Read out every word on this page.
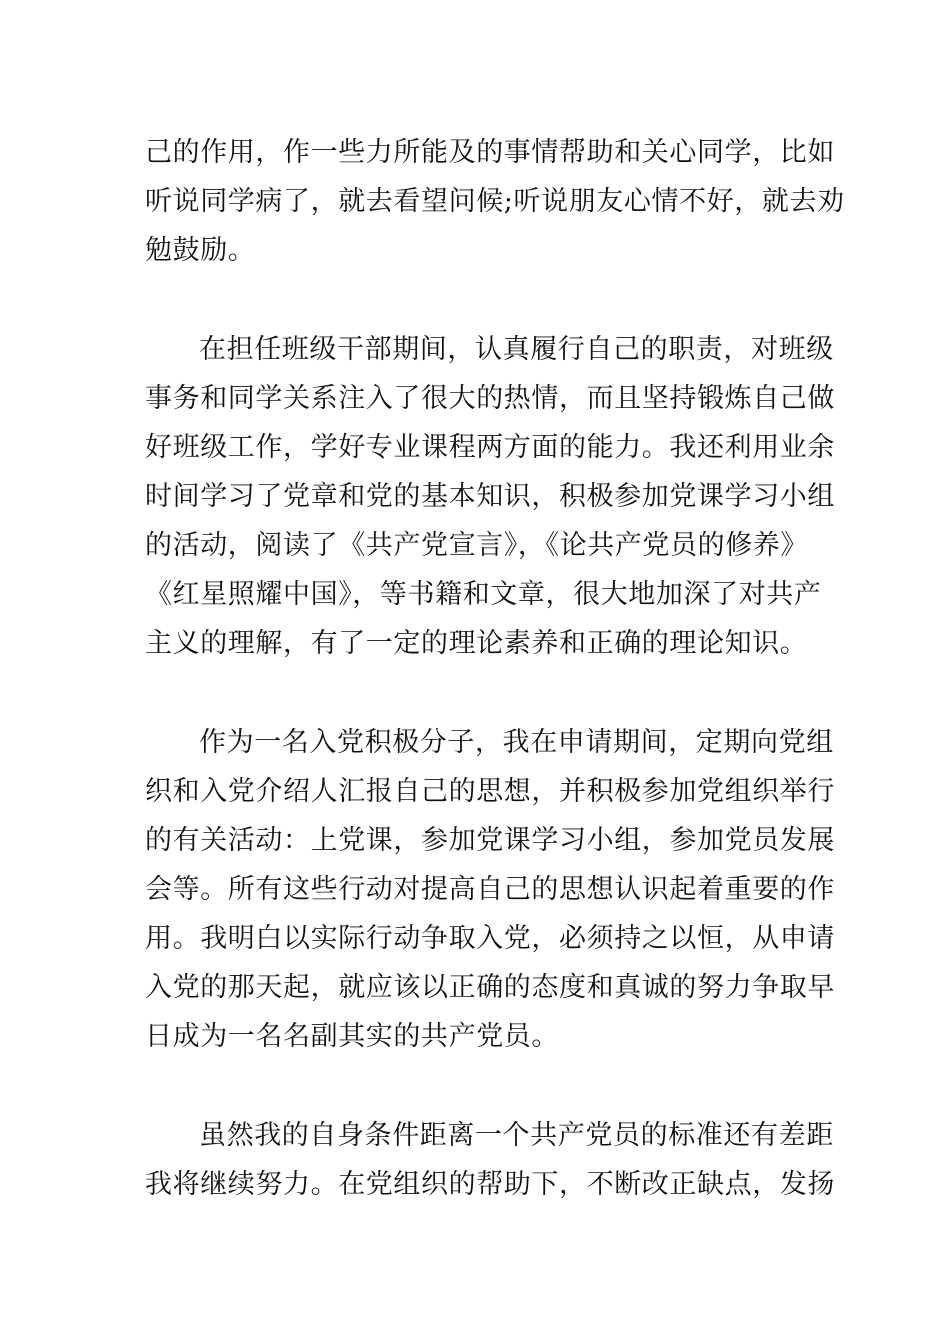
己的作用，作一些力所能及的事情帮助和关心同学，比如
听说同学病了，就去看望问候;听说朋友心情不好，就去劝
勉鼓励。
在担任班级干部期间，认真履行自己的职责，对班级
事务和同学关系注入了很大的热情，而且坚持锻炼自己做
好班级工作，学好专业课程两方面的能力。我还利用业余
时间学习了党章和党的基本知识，积极参加党课学习小组
的活动，阅读了《共产党宣言》，《论共产党员的修养》
《红星照耀中国》，等书籍和文章，很大地加深了对共产
主义的理解，有了一定的理论素养和正确的理论知识。
作为一名入党积极分子，我在申请期间，定期向党组
织和入党介绍人汇报自己的思想，并积极参加党组织举行
的有关活动：上党课，参加党课学习小组，参加党员发展
会等。所有这些行动对提高自己的思想认识起着重要的作
用。我明白以实际行动争取入党，必须持之以恒，从申请
入党的那天起，就应该以正确的态度和真诚的努力争取早
日成为一名名副其实的共产党员。
虽然我的自身条件距离一个共产党员的标准还有差距
我将继续努力。在党组织的帮助下，不断改正缺点，发扬
